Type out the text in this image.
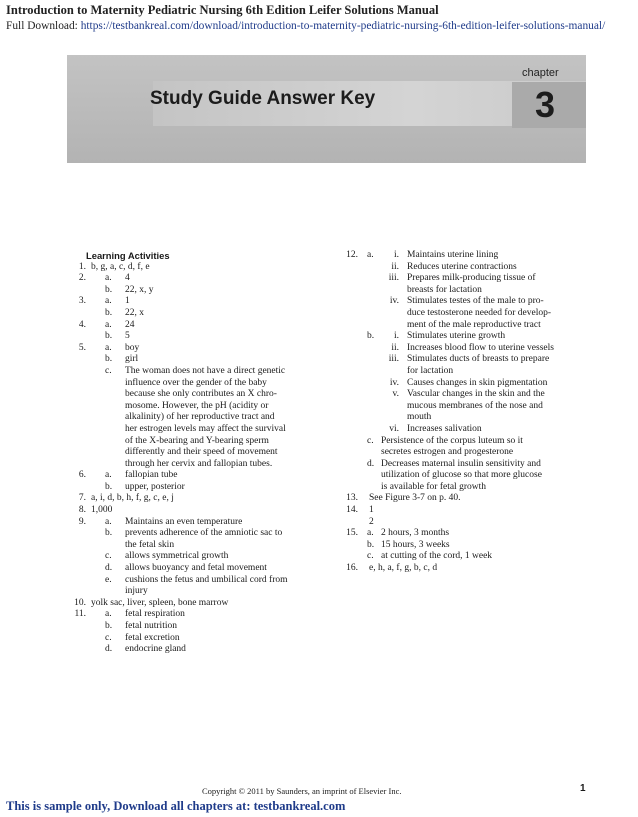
Introduction to Maternity Pediatric Nursing 6th Edition Leifer Solutions Manual
Full Download: https://testbankreal.com/download/introduction-to-maternity-pediatric-nursing-6th-edition-leifer-solutions-manual/
Study Guide Answer Key
chapter
3
Learning Activities
1. b, g, a, c, d, f, e
2. a. 4
b. 22, x, y
3. a. 1
b. 22, x
4. a. 24
b. 5
5. a. boy
b. girl
c. The woman does not have a direct genetic
influence over the gender of the baby
because she only contributes an X chro-
mosome. However, the pH (acidity or
alkalinity) of her reproductive tract and
her estrogen levels may affect the survival
of the X-bearing and Y-bearing sperm
differently and their speed of movement
through her cervix and fallopian tubes.
6. a. fallopian tube
b. upper, posterior
7. a, i, d, b, h, f, g, c, e, j
8. 1,000
9. a. Maintains an even temperature
b. prevents adherence of the amniotic sac to
the fetal skin
c. allows symmetrical growth
d. allows buoyancy and fetal movement
e. cushions the fetus and umbilical cord from
injury
10. yolk sac, liver, spleen, bone marrow
11. a. fetal respiration
b. fetal nutrition
c. fetal excretion
d. endocrine gland
12. a.	i. Maintains uterine lining
ii. Reduces uterine contractions
iii. Prepares milk-producing tissue of
breasts for lactation
iv. Stimulates testes of the male to pro-
duce testosterone needed for develop-
ment of the male reproductive tract
b.	i. Stimulates uterine growth
ii. Increases blood flow to uterine vessels
iii. Stimulates ducts of breasts to prepare
for lactation
iv. Causes changes in skin pigmentation
v. Vascular changes in the skin and the
mucous membranes of the nose and
mouth
vi. Increases salivation
c. Persistence of the corpus luteum so it
secretes estrogen and progesterone
d. Decreases maternal insulin sensitivity and
utilization of glucose so that more glucose
is available for fetal growth
13. See Figure 3-7 on p. 40.
14. 1
2
15. a. 2 hours, 3 months
b. 15 hours, 3 weeks
c. at cutting of the cord, 1 week
16. e, h, a, f, g, b, c, d
Copyright © 2011 by Saunders, an imprint of Elsevier Inc.	1
This is sample only, Download all chapters at: testbankreal.com
